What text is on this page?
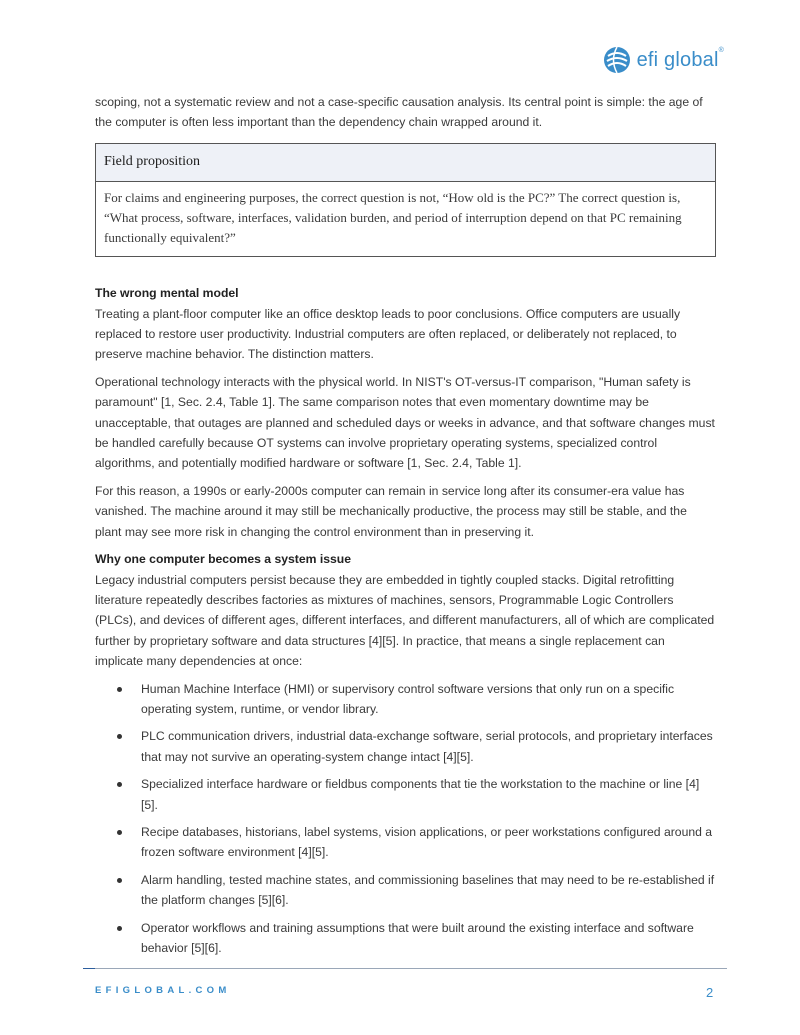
efi global®

scoping, not a systematic review and not a case-specific causation analysis. Its central point is simple: the age of the computer is often less important than the dependency chain wrapped around it.

Field proposition
For claims and engineering purposes, the correct question is not, “How old is the PC?” The correct question is, “What process, software, interfaces, validation burden, and period of interruption depend on that PC remaining functionally equivalent?”

The wrong mental model

Treating a plant-floor computer like an office desktop leads to poor conclusions. Office computers are usually replaced to restore user productivity. Industrial computers are often replaced, or deliberately not replaced, to preserve machine behavior. The distinction matters.

Operational technology interacts with the physical world. In NIST's OT-versus-IT comparison, "Human safety is paramount" [1, Sec. 2.4, Table 1]. The same comparison notes that even momentary downtime may be unacceptable, that outages are planned and scheduled days or weeks in advance, and that software changes must be handled carefully because OT systems can involve proprietary operating systems, specialized control algorithms, and potentially modified hardware or software [1, Sec. 2.4, Table 1].

For this reason, a 1990s or early-2000s computer can remain in service long after its consumer-era value has vanished. The machine around it may still be mechanically productive, the process may still be stable, and the plant may see more risk in changing the control environment than in preserving it.

Why one computer becomes a system issue

Legacy industrial computers persist because they are embedded in tightly coupled stacks. Digital retrofitting literature repeatedly describes factories as mixtures of machines, sensors, Programmable Logic Controllers (PLCs), and devices of different ages, different interfaces, and different manufacturers, all of which are complicated further by proprietary software and data structures [4][5]. In practice, that means a single replacement can implicate many dependencies at once:

Human Machine Interface (HMI) or supervisory control software versions that only run on a specific operating system, runtime, or vendor library.
PLC communication drivers, industrial data-exchange software, serial protocols, and proprietary interfaces that may not survive an operating-system change intact [4][5].
Specialized interface hardware or fieldbus components that tie the workstation to the machine or line [4][5].
Recipe databases, historians, label systems, vision applications, or peer workstations configured around a frozen software environment [4][5].
Alarm handling, tested machine states, and commissioning baselines that may need to be re-established if the platform changes [5][6].
Operator workflows and training assumptions that were built around the existing interface and software behavior [5][6].
EFIGLOBAL.COM	2
